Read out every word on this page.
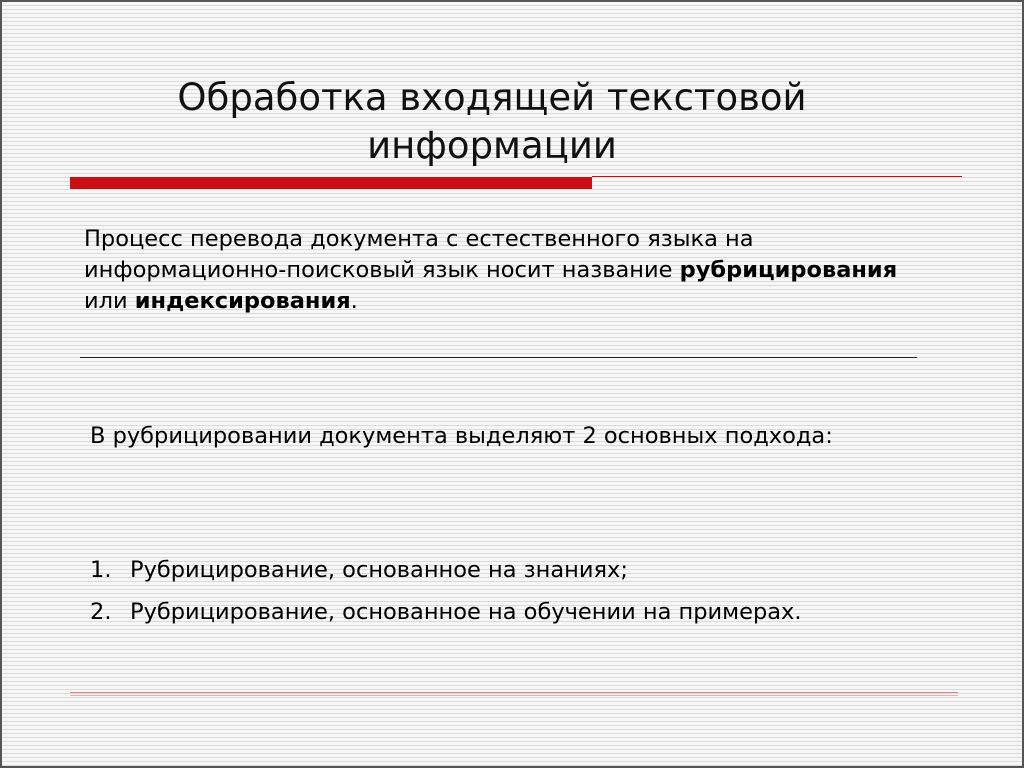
Обработка входящей текстовой
информации
Процесс перевода документа с естественного языка на информационно-поисковый язык носит название рубрицирования или индексирования.
В рубрицировании документа выделяют 2 основных подхода:
1. Рубрицирование, основанное на знаниях;
2. Рубрицирование, основанное на обучении на примерах.
